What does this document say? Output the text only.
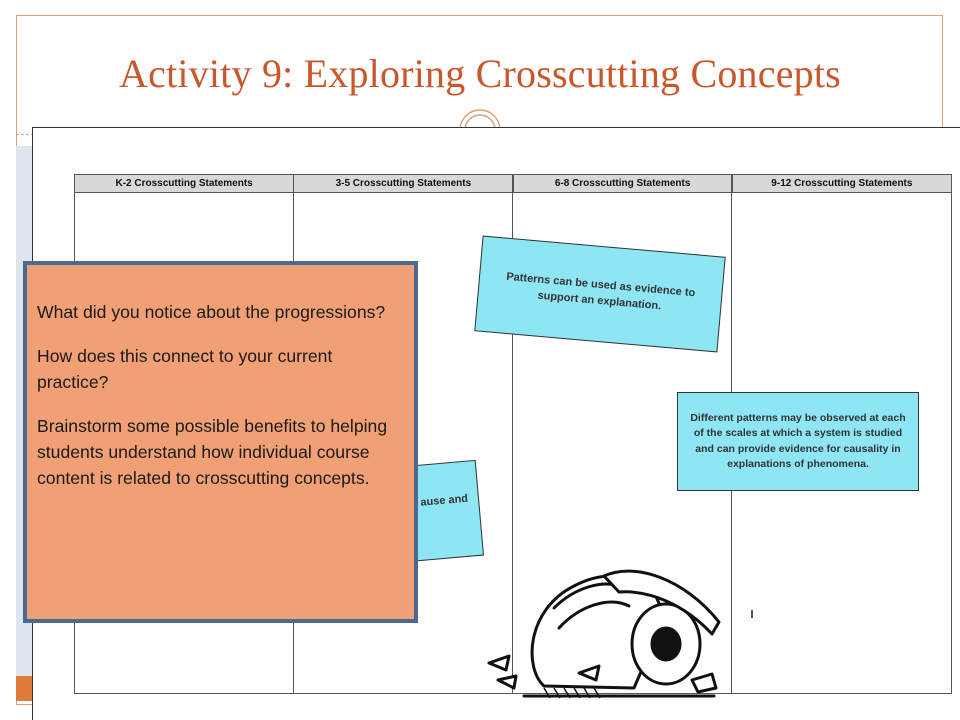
Activity 9: Exploring Crosscutting Concepts
K-2 Crosscutting Statements	3-5 Crosscutting Statements	6-8 Crosscutting Statements	9-12 Crosscutting Statements
Patterns can be used as evidence to support an explanation.
Different patterns may be observed at each of the scales at which a system is studied and can provide evidence for causality in explanations of phenomena.
ause and

What did you notice about the progressions?

How does this connect to your current practice?

Brainstorm some possible benefits to helping students understand how individual course content is related to crosscutting concepts.
